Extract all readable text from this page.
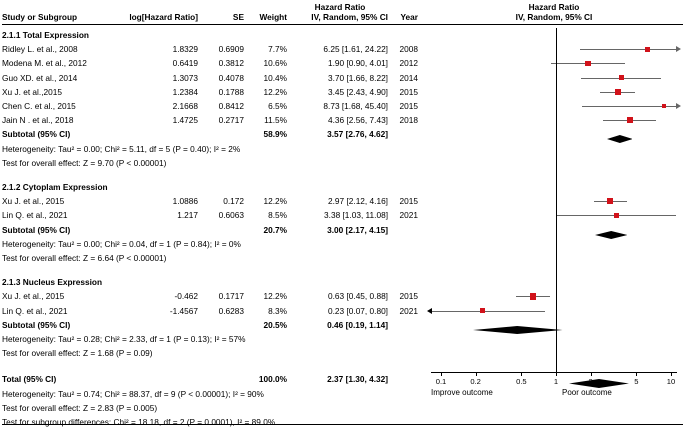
Study or Subgroup	log[Hazard Ratio]	SE	Weight
Hazard Ratio
IV, Random, 95% CI	Year
Hazard Ratio
IV, Random, 95% CI
2.1.1 Total Expression
Ridley L. et al., 2008	1.8329	0.6909	7.7%	6.25 [1.61, 24.22]	2008
Modena M. et al., 2012	0.6419	0.3812	10.6%	1.90 [0.90, 4.01]	2012
Guo XD. et al., 2014	1.3073	0.4078	10.4%	3.70 [1.66, 8.22]	2014
Xu J. et al.,2015	1.2384	0.1788	12.2%	3.45 [2.43, 4.90]	2015
Chen C. et al., 2015	2.1668	0.8412	6.5%	8.73 [1.68, 45.40]	2015
Jain N . et al., 2018	1.4725	0.2717	11.5%	4.36 [2.56, 7.43]	2018
Subtotal (95% CI)	58.9%	3.57 [2.76, 4.62]
Heterogeneity: Tau² = 0.00; Chi² = 5.11, df = 5 (P = 0.40); I² = 2%
Test for overall effect: Z = 9.70 (P < 0.00001)
2.1.2 Cytoplam Expression
Xu J. et al., 2015	1.0886	0.172	12.2%	2.97 [2.12, 4.16]	2015
Lin Q. et al., 2021	1.217	0.6063	8.5%	3.38 [1.03, 11.08]	2021
Subtotal (95% CI)	20.7%	3.00 [2.17, 4.15]
Heterogeneity: Tau² = 0.00; Chi² = 0.04, df = 1 (P = 0.84); I² = 0%
Test for overall effect: Z = 6.64 (P < 0.00001)
2.1.3 Nucleus Expression
Xu J. et al., 2015	-0.462	0.1717	12.2%	0.63 [0.45, 0.88]	2015
Lin Q. et al., 2021	-1.4567	0.6283	8.3%	0.23 [0.07, 0.80]	2021
Subtotal (95% CI)	20.5%	0.46 [0.19, 1.14]
Heterogeneity: Tau² = 0.28; Chi² = 2.33, df = 1 (P = 0.13); I² = 57%
Test for overall effect: Z = 1.68 (P = 0.09)
Total (95% CI)	100.0%	2.37 [1.30, 4.32]
Heterogeneity: Tau² = 0.74; Chi² = 88.37, df = 9 (P < 0.00001); I² = 90%
Test for overall effect: Z = 2.83 (P = 0.005)
Test for subgroup differences: Chi² = 18.18, df = 2 (P = 0.0001), I² = 89.0%
0.1	0.2	0.5	1	2	5	10
Improve outcome	Poor outcome
